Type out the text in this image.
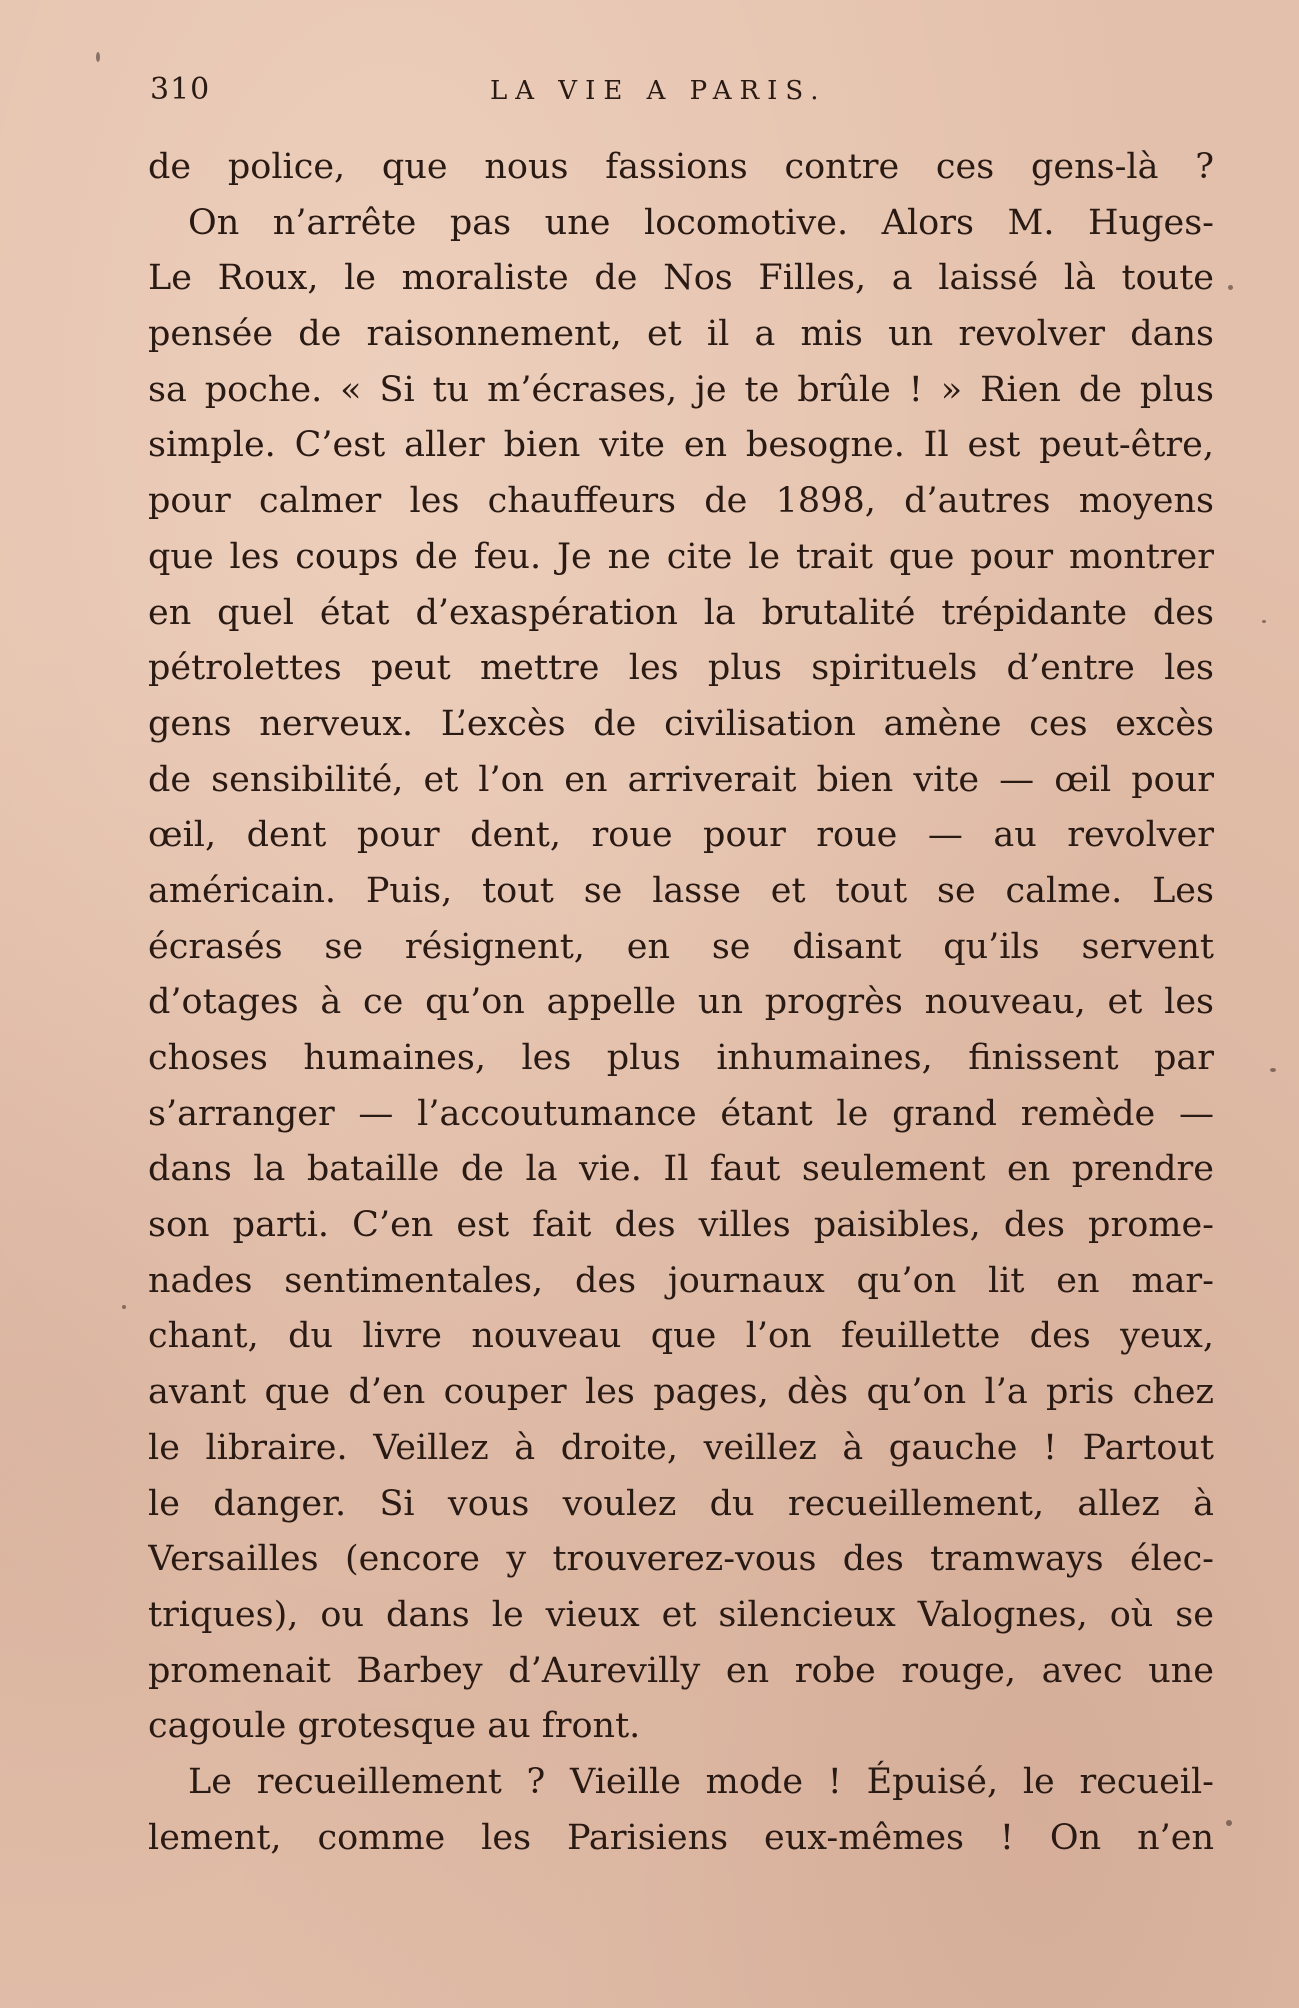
310	LA VIE A PARIS.
de police, que nous fassions contre ces gens-là ?
On n’arrête pas une locomotive. Alors M. Huges-
Le Roux, le moraliste de Nos Filles, a laissé là toute
pensée de raisonnement, et il a mis un revolver dans
sa poche. « Si tu m’écrases, je te brûle ! » Rien de plus
simple. C’est aller bien vite en besogne. Il est peut-être,
pour calmer les chauffeurs de 1898, d’autres moyens
que les coups de feu. Je ne cite le trait que pour montrer
en quel état d’exaspération la brutalité trépidante des
pétrolettes peut mettre les plus spirituels d’entre les
gens nerveux. L’excès de civilisation amène ces excès
de sensibilité, et l’on en arriverait bien vite — œil pour
œil, dent pour dent, roue pour roue — au revolver
américain. Puis, tout se lasse et tout se calme. Les
écrasés se résignent, en se disant qu’ils servent
d’otages à ce qu’on appelle un progrès nouveau, et les
choses humaines, les plus inhumaines, finissent par
s’arranger — l’accoutumance étant le grand remède —
dans la bataille de la vie. Il faut seulement en prendre
son parti. C’en est fait des villes paisibles, des prome-
nades sentimentales, des journaux qu’on lit en mar-
chant, du livre nouveau que l’on feuillette des yeux,
avant que d’en couper les pages, dès qu’on l’a pris chez
le libraire. Veillez à droite, veillez à gauche ! Partout
le danger. Si vous voulez du recueillement, allez à
Versailles (encore y trouverez-vous des tramways élec-
triques), ou dans le vieux et silencieux Valognes, où se
promenait Barbey d’Aurevilly en robe rouge, avec une
cagoule grotesque au front.
Le recueillement ? Vieille mode ! Épuisé, le recueil-
lement, comme les Parisiens eux-mêmes ! On n’en
